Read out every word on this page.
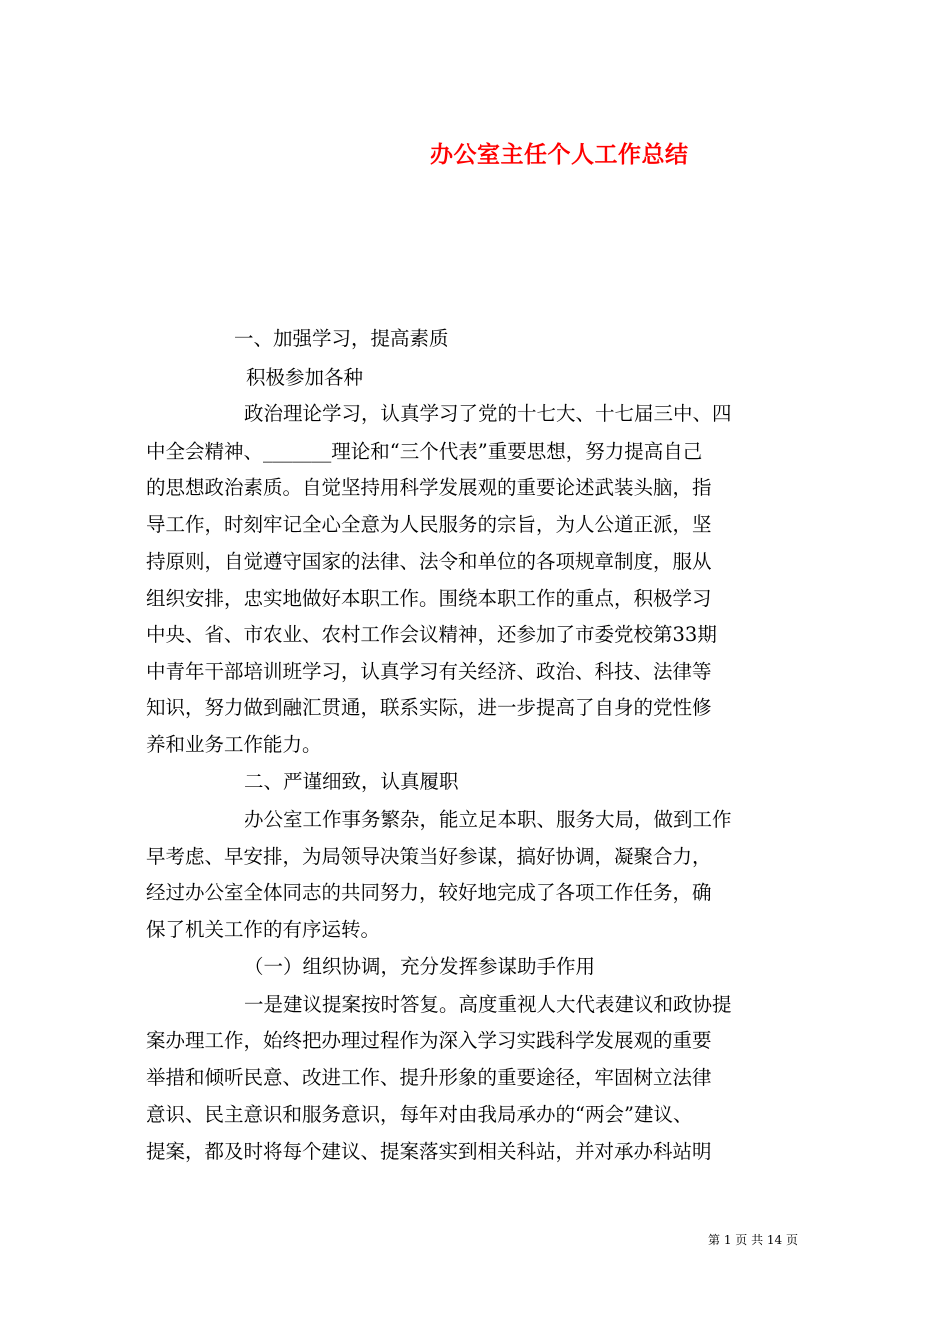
办公室主任个人工作总结
一、加强学习，提高素质
积极参加各种
政治理论学习，认真学习了党的十七大、十七届三中、四
中全会精神、_______理论和“三个代表”重要思想，努力提高自己
的思想政治素质。自觉坚持用科学发展观的重要论述武装头脑，指
导工作，时刻牢记全心全意为人民服务的宗旨，为人公道正派，坚
持原则，自觉遵守国家的法律、法令和单位的各项规章制度，服从
组织安排，忠实地做好本职工作。围绕本职工作的重点，积极学习
中央、省、市农业、农村工作会议精神，还参加了市委党校第33期
中青年干部培训班学习，认真学习有关经济、政治、科技、法律等
知识，努力做到融汇贯通，联系实际，进一步提高了自身的党性修
养和业务工作能力。
二、严谨细致，认真履职
办公室工作事务繁杂，能立足本职、服务大局，做到工作
早考虑、早安排，为局领导决策当好参谋，搞好协调，凝聚合力，
经过办公室全体同志的共同努力，较好地完成了各项工作任务，确
保了机关工作的有序运转。
（一）组织协调，充分发挥参谋助手作用
一是建议提案按时答复。高度重视人大代表建议和政协提
案办理工作，始终把办理过程作为深入学习实践科学发展观的重要
举措和倾听民意、改进工作、提升形象的重要途径，牢固树立法律
意识、民主意识和服务意识，每年对由我局承办的“两会”建议、
提案，都及时将每个建议、提案落实到相关科站，并对承办科站明
第 1 页 共 14 页
